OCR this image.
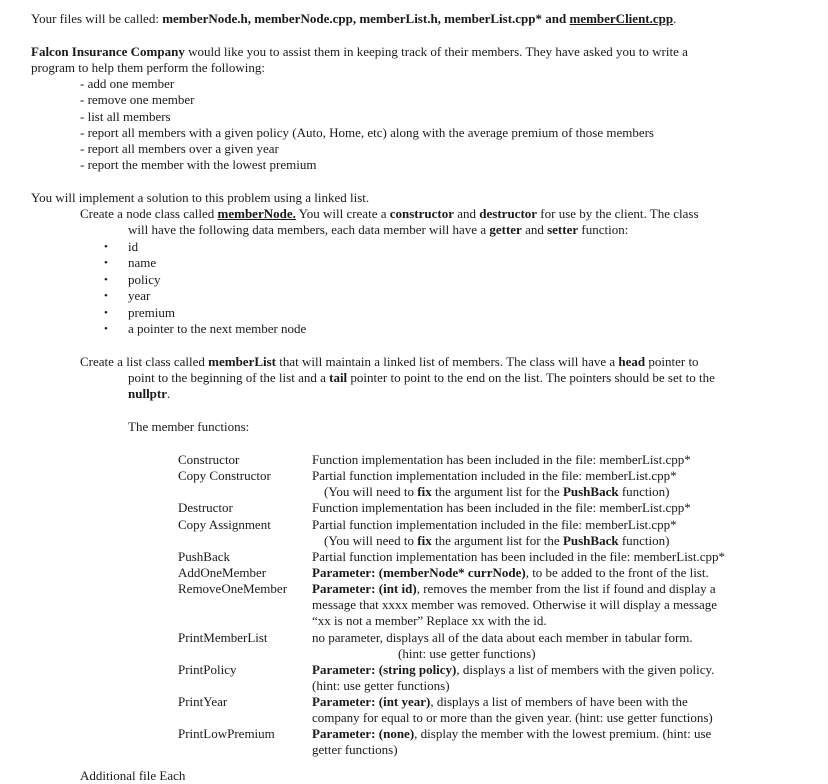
Your files will be called: memberNode.h, memberNode.cpp, memberList.h, memberList.cpp* and memberClient.cpp.
Falcon Insurance Company would like you to assist them in keeping track of their members. They have asked you to write a
program to help them perform the following:
- add one member
- remove one member
- list all members
- report all members with a given policy (Auto, Home, etc) along with the average premium of those members
- report all members over a given year
- report the member with the lowest premium
You will implement a solution to this problem using a linked list.
Create a node class called memberNode. You will create a constructor and destructor for use by the client. The class
will have the following data members, each data member will have a getter and setter function:
• id
• name
• policy
• year
• premium
• a pointer to the next member node
Create a list class called memberList that will maintain a linked list of members. The class will have a head pointer to
point to the beginning of the list and a tail pointer to point to the end on the list. The pointers should be set to the
nullptr.
The member functions:
Constructor	Function implementation has been included in the file: memberList.cpp*
Copy Constructor	Partial function implementation included in the file: memberList.cpp*
(You will need to fix the argument list for the PushBack function)
Destructor	Function implementation has been included in the file: memberList.cpp*
Copy Assignment	Partial function implementation included in the file: memberList.cpp*
(You will need to fix the argument list for the PushBack function)
PushBack	Partial function implementation has been included in the file: memberList.cpp*
AddOneMember	Parameter: (memberNode* currNode), to be added to the front of the list.
RemoveOneMember Parameter: (int id), removes the member from the list if found and display a
message that xxxx member was removed. Otherwise it will display a message
“xx is not a member” Replace xx with the id.
PrintMemberList	no parameter, displays all of the data about each member in tabular form.
(hint: use getter functions)
PrintPolicy	Parameter: (string policy), displays a list of members with the given policy.
(hint: use getter functions)
PrintYear	Parameter: (int year), displays a list of members of have been with the
company for equal to or more than the given year. (hint: use getter functions)
PrintLowPremium	Parameter: (none), display the member with the lowest premium. (hint: use
getter functions)
Additional file Each
